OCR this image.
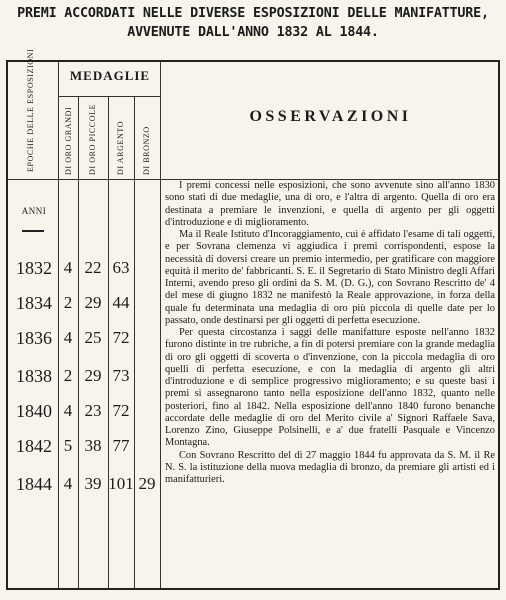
PREMI ACCORDATI NELLE DIVERSE ESPOSIZIONI DELLE MANIFATTURE,
AVVENUTE DALL'ANNO 1832 AL 1844.
EPOCHE DELLE ESPOSIZIONI	MEDAGLIE
DI ORO GRANDI DI ORO PICCOLE DI ARGENTO DI BRONZO
OSSERVAZIONI
ANNI
1832 4 22 63
1834 2 29 44
1836 4 25 72
1838 2 29 73
1840 4 23 72
1842 5 38 77
1844 4 39 101 29

I premi concessi nelle esposizioni, che sono avvenute sino all'anno 1830 sono stati di due medaglie, una di oro, e l'altra di argento. Quella di oro era destinata a premiare le invenzioni, e quella di argento per gli oggetti d'introduzione e di miglioramento.

Ma il Reale Istituto d'Incoraggiamento, cui è affidato l'esame di tali oggetti, e per Sovrana clemenza vi aggiudica i premi corrispondenti, espose la necessità di doversi creare un premio intermedio, per gratificare con maggiore equità il merito de' fabbricanti. S. E. il Segretario di Stato Ministro degli Affari Interni, avendo preso gli ordini da S. M. (D. G.), con Sovrano Rescritto de' 4 del mese di giugno 1832 ne manifestò la Reale approvazione, in forza della quale fu determinata una medaglia di oro più piccola di quelle date per lo passato, onde destinarsi per gli oggetti di perfetta esecuzione.

Per questa circostanza i saggi delle manifatture esposte nell'anno 1832 furono distinte in tre rubriche, a fin di potersi premiare con la grande medaglia di oro gli oggetti di scoverta o d'invenzione, con la piccola medaglia di oro quelli di perfetta esecuzione, e con la medaglia di argento gli altri d'introduzione e di semplice progressivo miglioramento; e su queste basi i premi si assegnarono tanto nella esposizione dell'anno 1832, quanto nelle posteriori, fino al 1842. Nella esposizione dell'anno 1840 furono benanche accordate delle medaglie di oro del Merito civile a' Signori Raffaele Sava, Lorenzo Zino, Giuseppe Polsinelli, e a' due fratelli Pasquale e Vincenzo Montagna.

Con Sovrano Rescritto del dì 27 maggio 1844 fu approvata da S. M. il Re N. S. la istituzione della nuova medaglia di bronzo, da premiare gli artisti ed i manifatturieri.
